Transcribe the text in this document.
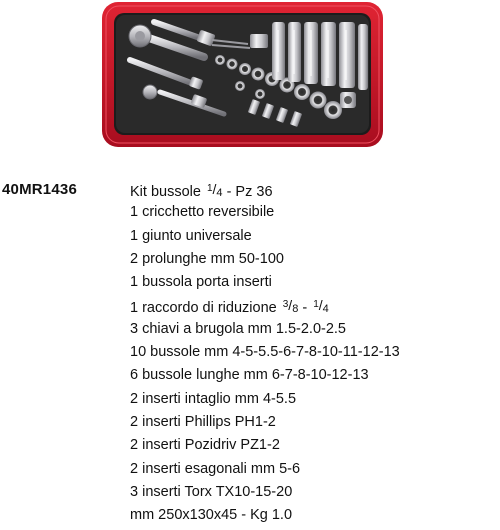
40MR1436	Kit bussole $^1/_4$ - Pz 36
1 cricchetto reversibile
1 giunto universale
2 prolunghe mm 50-100
1 bussola porta inserti
1 raccordo di riduzione $^3/_8 - ^1/_4$
3 chiavi a brugola mm 1.5-2.0-2.5
10 bussole mm 4-5-5.5-6-7-8-10-11-12-13
6 bussole lunghe mm 6-7-8-10-12-13
2 inserti intaglio mm 4-5.5
2 inserti Phillips PH1-2
2 inserti Pozidriv PZ1-2
2 inserti esagonali mm 5-6
3 inserti Torx TX10-15-20
mm 250x130x45 - Kg 1.0
